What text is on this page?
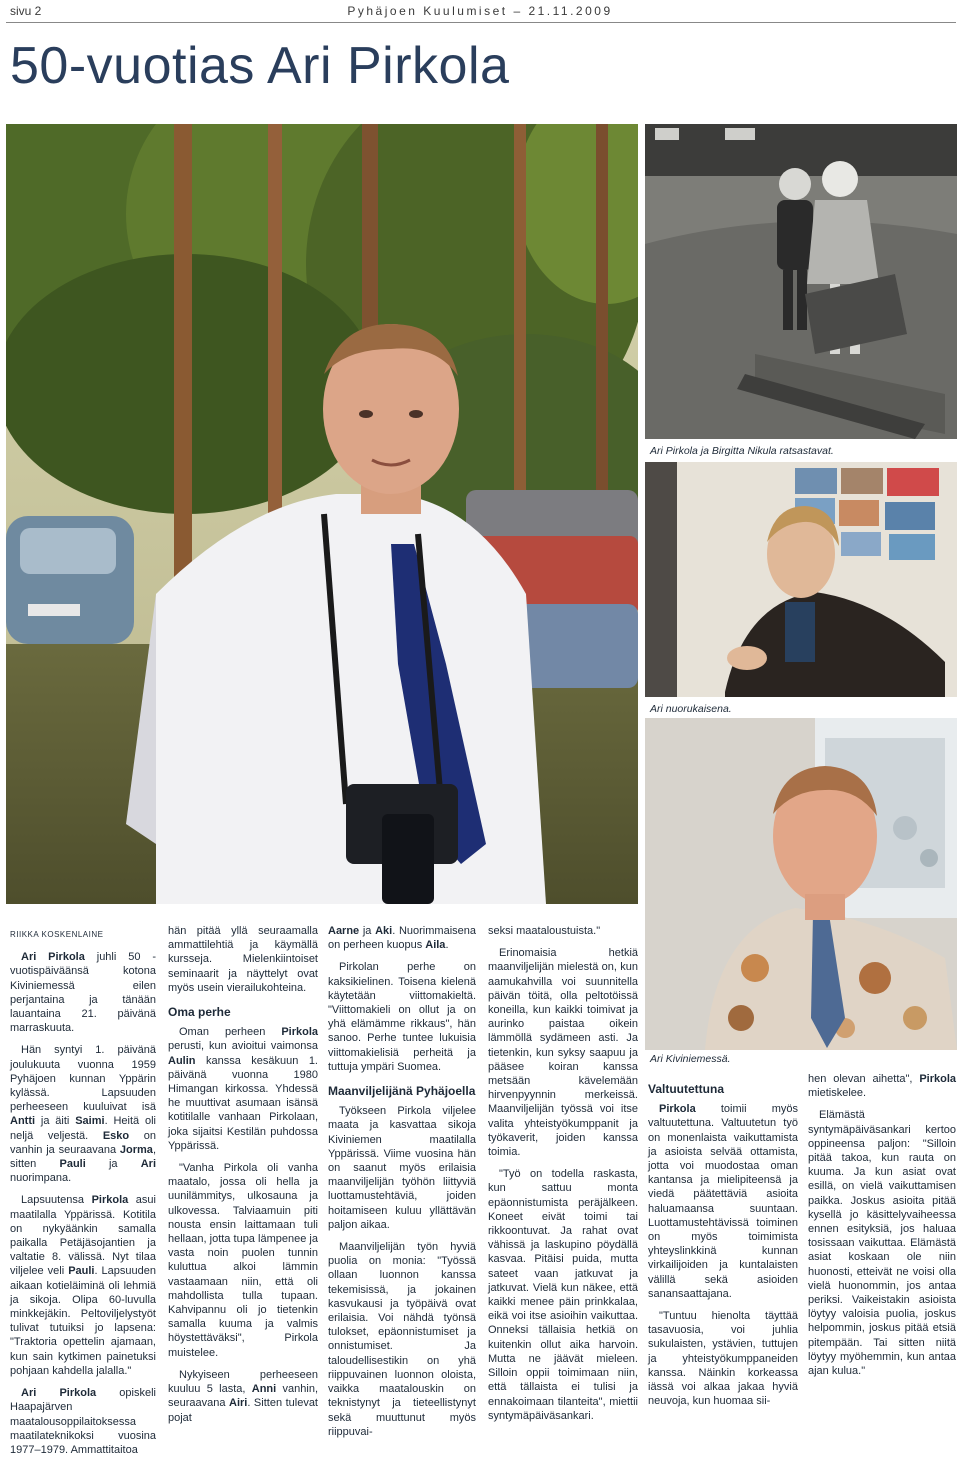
sivu 2	Pyhäjoen Kuulumiset – 21.11.2009
50-vuotias Ari Pirkola
Ari Pirkola ja Birgitta Nikula ratsastavat.
Ari nuorukaisena.
Ari Kiviniemessä.
RIIKKA KOSKENLAINE

Ari Pirkola juhli 50 -vuotispäiväänsä kotona Kiviniemessä eilen perjantaina ja tänään lauantaina 21. päivänä marraskuuta.

Hän syntyi 1. päivänä joulukuuta vuonna 1959 Pyhäjoen kunnan Yppärin kylässä. Lapsuuden perheeseen kuuluivat isä Antti ja äiti Saimi. Heitä oli neljä veljestä. Esko on vanhin ja seuraavana Jorma, sitten Pauli ja Ari nuorimpana.

Lapsuutensa Pirkola asui maatilalla Yppärissä. Kotitila on nykyäänkin samalla paikalla Petäjäsojantien ja valtatie 8. välissä. Nyt tilaa viljelee veli Pauli. Lapsuuden aikaan kotieläiminä oli lehmiä ja sikoja. Olipa 60-luvulla minkkejäkin. Peltoviljelystyöt tulivat tutuiksi jo lapsena: "Traktoria opettelin ajamaan, kun sain kytkimen painetuksi pohjaan kahdella jalalla."

Ari Pirkola opiskeli Haapajärven maatalousoppilaitoksessa maatilateknikoksi vuosina 1977–1979. Ammattitaitoa

hän pitää yllä seuraamalla ammattilehtiä ja käymällä kursseja. Mielenkiintoiset seminaarit ja näyttelyt ovat myös usein vierailukohteina.

Oma perhe

Oman perheen Pirkola perusti, kun avioitui vaimonsa Aulin kanssa kesäkuun 1. päivänä vuonna 1980 Himangan kirkossa. Yhdessä he muuttivat asumaan isänsä kotitilalle vanhaan Pirkolaan, joka sijaitsi Kestilän puhdossa Yppärissä.

"Vanha Pirkola oli vanha maatalo, jossa oli hella ja uunilämmitys, ulkosauna ja ulkovessa. Talviaamuin piti nousta ensin laittamaan tuli hellaan, jotta tupa lämpenee ja vasta noin puolen tunnin kuluttua alkoi lämmin vastaamaan niin, että oli mahdollista tulla tupaan. Kahvipannu oli jo tietenkin samalla kuuma ja valmis höystettäväksi", Pirkola muistelee.

Nykyiseen perheeseen kuuluu 5 lasta, Anni vanhin, seuraavana Airi. Sitten tulevat pojat

Aarne ja Aki. Nuorimmaisena on perheen kuopus Aila.

Pirkolan perhe on kaksikielinen. Toisena kielenä käytetään viittomakieltä. "Viittomakieli on ollut ja on yhä elämämme rikkaus", hän sanoo. Perhe tuntee lukuisia viittomakielisiä perheitä ja tuttuja ympäri Suomea.

Maanviljelijänä Pyhäjoella

Työkseen Pirkola viljelee maata ja kasvattaa sikoja Kiviniemen maatilalla Yppärissä. Viime vuosina hän on saanut myös erilaisia maanviljelijän työhön liittyviä luottamustehtäviä, joiden hoitamiseen kuluu yllättävän paljon aikaa.

Maanviljelijän työn hyviä puolia on monia: "Työssä ollaan luonnon kanssa tekemisissä, ja jokainen kasvukausi ja työpäivä ovat erilaisia. Voi nähdä työnsä tulokset, epäonnistumiset ja onnistumiset. Ja taloudellisestikin on yhä riippuvainen luonnon oloista, vaikka maatalouskin on teknistynyt ja tieteellistynyt sekä muuttunut myös riippuvai-

seksi maataloustuista."

Erinomaisia hetkiä maanviljelijän mielestä on, kun aamukahvilla voi suunnitella päivän töitä, olla peltotöissä koneilla, kun kaikki toimivat ja aurinko paistaa oikein lämmöllä sydämeen asti. Ja tietenkin, kun syksy saapuu ja pääsee koiran kanssa metsään kävelemään hirvenpyynnin merkeissä. Maanviljelijän työssä voi itse valita yhteistyökumppanit ja työkaverit, joiden kanssa toimia.

"Työ on todella raskasta, kun sattuu monta epäonnistumista peräjälkeen. Koneet eivät toimi tai rikkoontuvat. Ja rahat ovat vähissä ja laskupino pöydällä kasvaa. Pitäisi puida, mutta sateet vaan jatkuvat ja jatkuvat. Vielä kun näkee, että kaikki menee päin prinkkalaa, eikä voi itse asioihin vaikuttaa. Onneksi tällaisia hetkiä on kuitenkin ollut aika harvoin. Mutta ne jäävät mieleen. Silloin oppii toimimaan niin, että tällaista ei tulisi ja ennakoimaan tilanteita", miettii syntymäpäiväsankari.

Valtuutettuna

Pirkola toimii myös valtuutettuna. Valtuutetun työ on monenlaista vaikuttamista ja asioista selvää ottamista, jotta voi muodostaa oman kantansa ja mielipiteensä ja viedä päätettäviä asioita haluamaansa suuntaan. Luottamustehtävissä toiminen on myös toimimista yhteyslinkkinä kunnan virkailijoiden ja kuntalaisten välillä sekä asioiden sanansaattajana.

"Tuntuu hienolta täyttää tasavuosia, voi juhlia sukulaisten, ystävien, tuttujen ja yhteistyökumppaneiden kanssa. Näinkin korkeassa iässä voi alkaa jakaa hyviä neuvoja, kun huomaa sii-

hen olevan aihetta", Pirkola mietiskelee.

Elämästä syntymäpäiväsankari kertoo oppineensa paljon: "Silloin pitää takoa, kun rauta on kuuma. Ja kun asiat ovat esillä, on vielä vaikuttamisen paikka. Joskus asioita pitää kysellä jo käsittelyvaiheessa ennen esityksiä, jos haluaa tosissaan vaikuttaa. Elämästä asiat koskaan ole niin huonosti, etteivät ne voisi olla vielä huonommin, jos antaa periksi. Vaikeistakin asioista löytyy valoisia puolia, joskus helpommin, joskus pitää etsiä pitempään. Tai sitten niitä löytyy myöhemmin, kun antaa ajan kulua."
